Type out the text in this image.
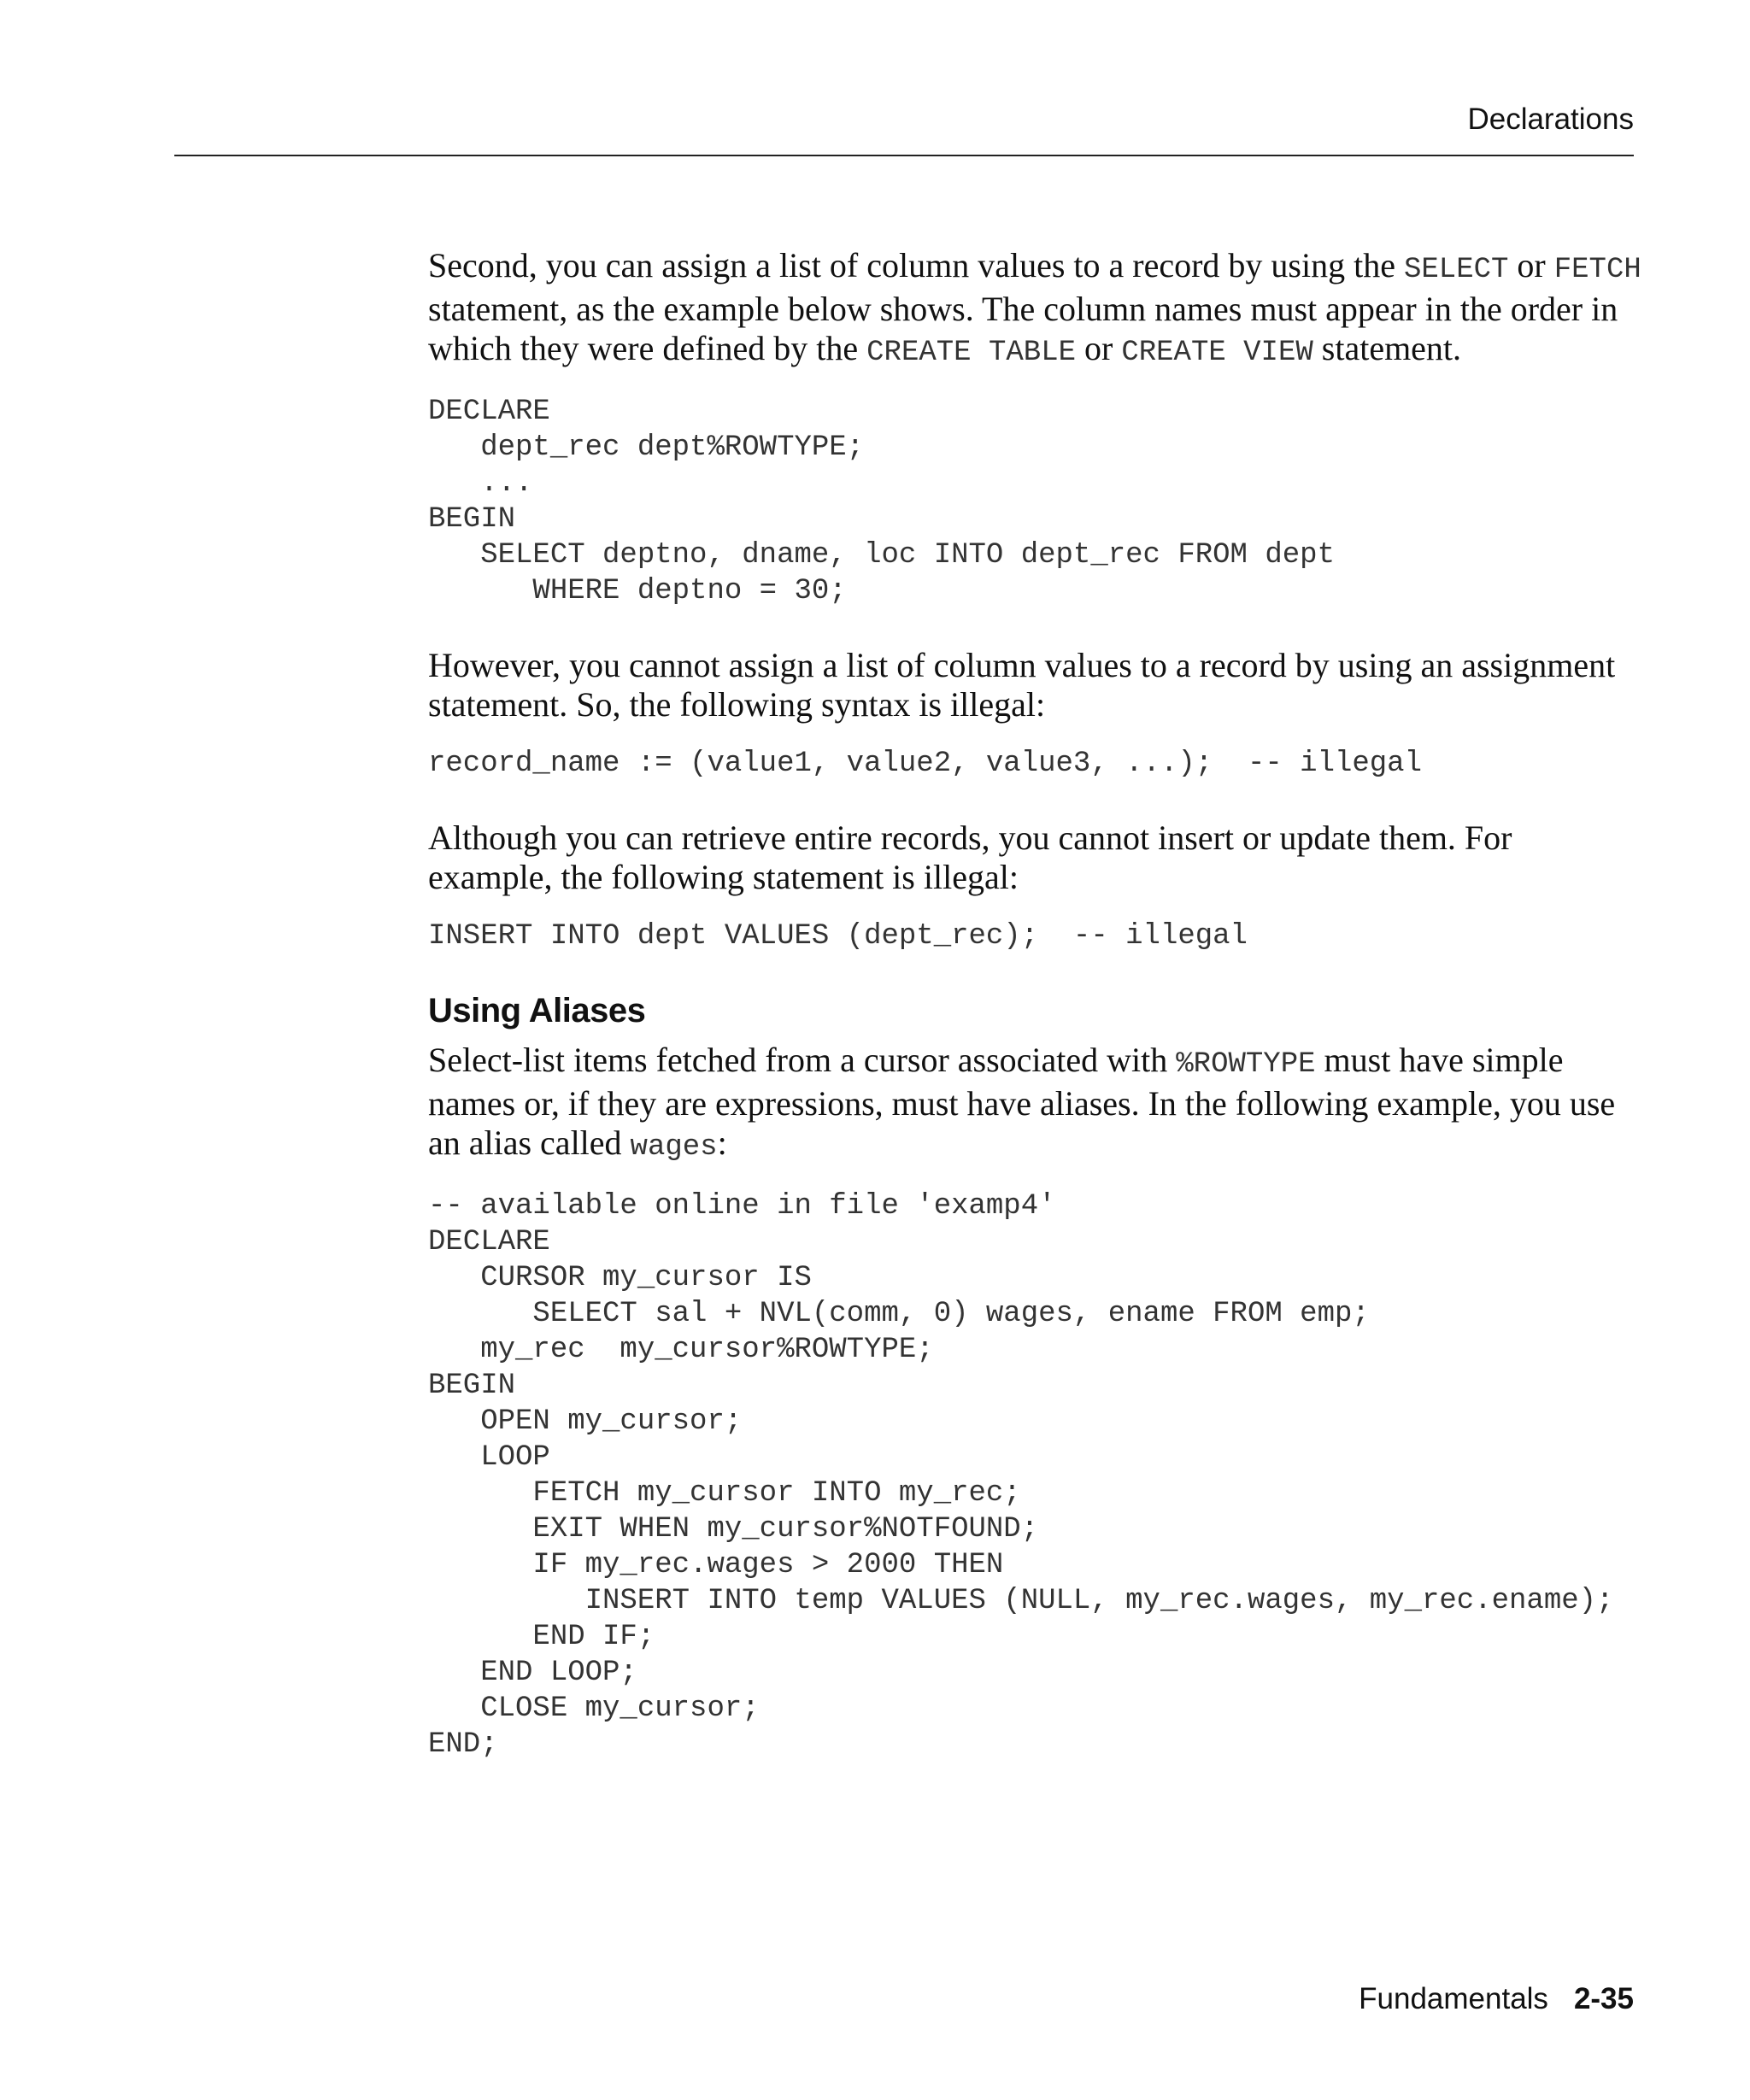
Declarations

Second, you can assign a list of column values to a record by using the SELECT or FETCH statement, as the example below shows. The column names must appear in the order in which they were defined by the CREATE TABLE or CREATE VIEW statement.

DECLARE
dept_rec dept%ROWTYPE;
...
BEGIN
SELECT deptno, dname, loc INTO dept_rec FROM dept
WHERE deptno = 30;

However, you cannot assign a list of column values to a record by using an assignment statement. So, the following syntax is illegal:

record_name := (value1, value2, value3, ...);  -- illegal

Although you can retrieve entire records, you cannot insert or update them. For example, the following statement is illegal:

INSERT INTO dept VALUES (dept_rec);  -- illegal
Using Aliases

Select-list items fetched from a cursor associated with %ROWTYPE must have simple names or, if they are expressions, must have aliases. In the following example, you use an alias called wages:

-- available online in file 'examp4'
DECLARE
CURSOR my_cursor IS
SELECT sal + NVL(comm, 0) wages, ename FROM emp;
my_rec  my_cursor%ROWTYPE;
BEGIN
OPEN my_cursor;
LOOP
FETCH my_cursor INTO my_rec;
EXIT WHEN my_cursor%NOTFOUND;
IF my_rec.wages > 2000 THEN
INSERT INTO temp VALUES (NULL, my_rec.wages, my_rec.ename);
END IF;
END LOOP;
CLOSE my_cursor;
END;
Fundamentals 2-35
